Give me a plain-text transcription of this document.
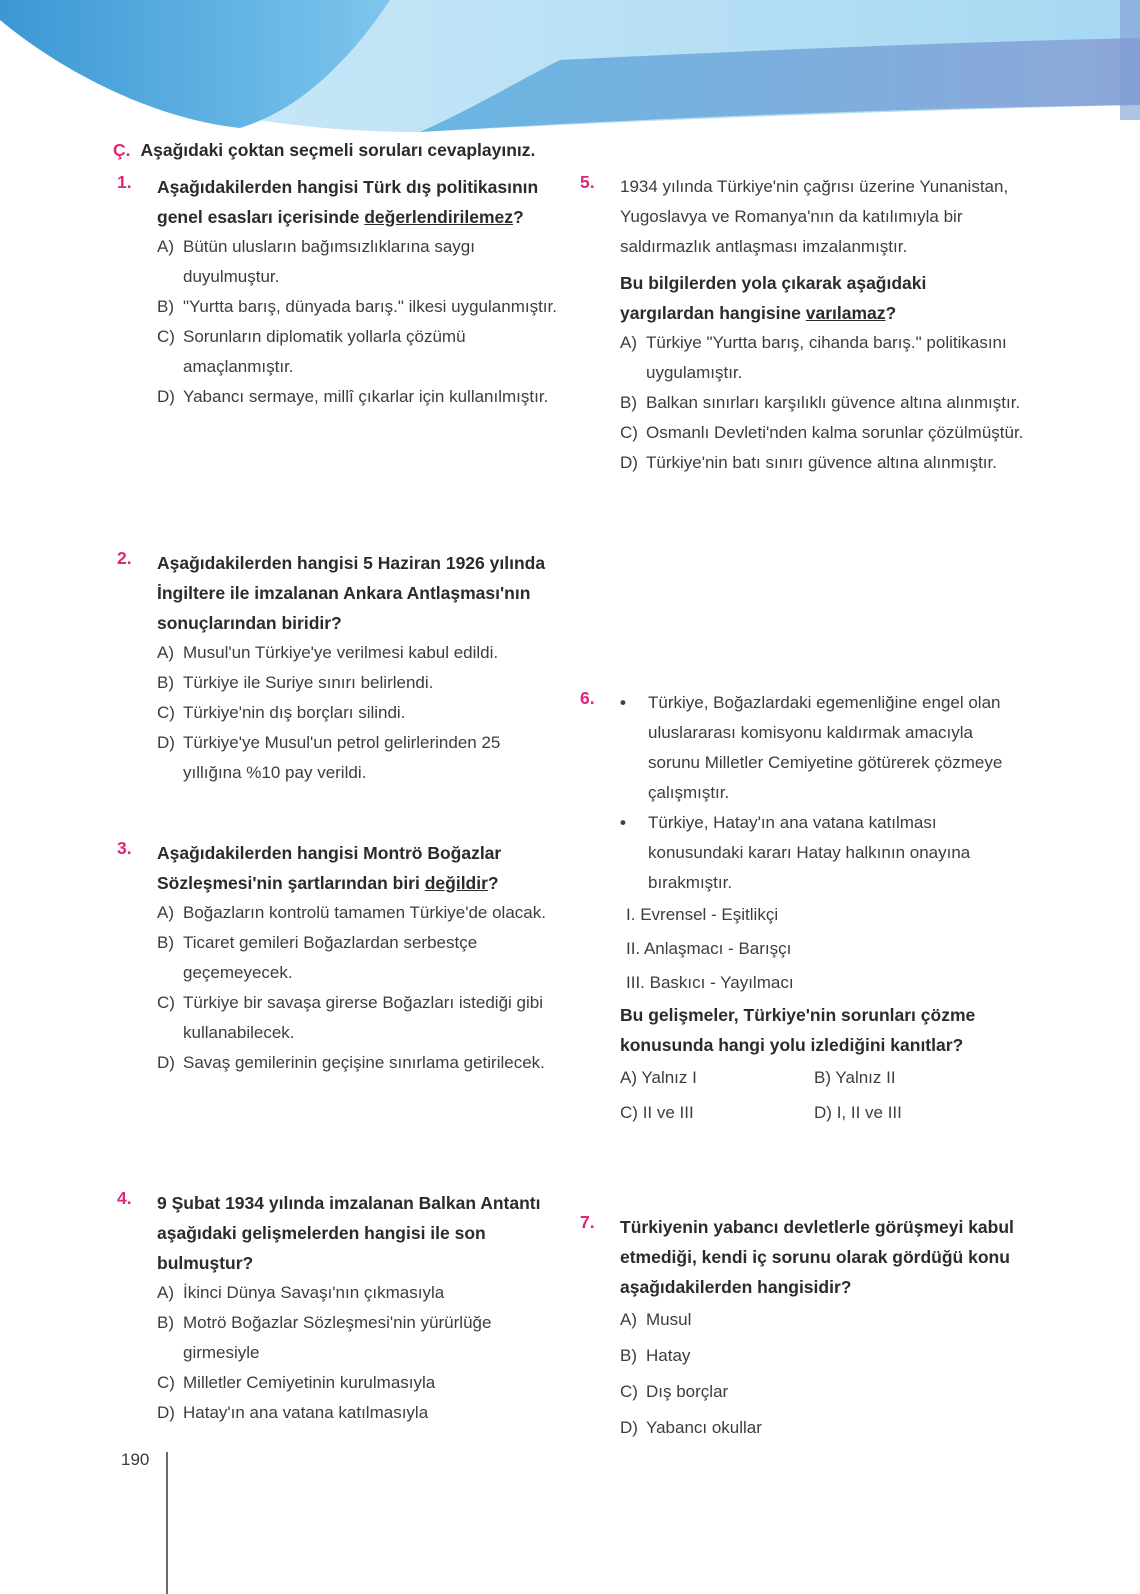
Ç. Aşağıdaki çoktan seçmeli soruları cevaplayınız.
1. Aşağıdakilerden hangisi Türk dış politikasının genel esasları içerisinde değerlendirilemez?
A) Bütün ulusların bağımsızlıklarına saygı duyulmuştur.
B) "Yurtta barış, dünyada barış." ilkesi uygulanmıştır.
C) Sorunların diplomatik yollarla çözümü amaçlanmıştır.
D) Yabancı sermaye, millî çıkarlar için kullanılmıştır.
2. Aşağıdakilerden hangisi 5 Haziran 1926 yılında İngiltere ile imzalanan Ankara Antlaşması'nın sonuçlarından biridir?
A) Musul'un Türkiye'ye verilmesi kabul edildi.
B) Türkiye ile Suriye sınırı belirlendi.
C) Türkiye'nin dış borçları silindi.
D) Türkiye'ye Musul'un petrol gelirlerinden 25 yıllığına %10 pay verildi.
3. Aşağıdakilerden hangisi Montrö Boğazlar Sözleşmesi'nin şartlarından biri değildir?
A) Boğazların kontrolü tamamen Türkiye'de olacak.
B) Ticaret gemileri Boğazlardan serbestçe geçemeyecek.
C) Türkiye bir savaşa girerse Boğazları istediği gibi kullanabilecek.
D) Savaş gemilerinin geçişine sınırlama getirilecek.
4. 9 Şubat 1934 yılında imzalanan Balkan Antantı aşağıdaki gelişmelerden hangisi ile son bulmuştur?
A) İkinci Dünya Savaşı'nın çıkmasıyla
B) Motrö Boğazlar Sözleşmesi'nin yürürlüğe girmesiyle
C) Milletler Cemiyetinin kurulmasıyla
D) Hatay'ın ana vatana katılmasıyla
5. 1934 yılında Türkiye'nin çağrısı üzerine Yunanistan, Yugoslavya ve Romanya'nın da katılımıyla bir saldırmazlık antlaşması imzalanmıştır.
Bu bilgilerden yola çıkarak aşağıdaki yargılardan hangisine varılamaz?
A) Türkiye "Yurtta barış, cihanda barış." politikasını uygulamıştır.
B) Balkan sınırları karşılıklı güvence altına alınmıştır.
C) Osmanlı Devleti'nden kalma sorunlar çözülmüştür.
D) Türkiye'nin batı sınırı güvence altına alınmıştır.
6. •	Türkiye, Boğazlardaki egemenliğine engel olan uluslararası komisyonu kaldırmak amacıyla sorunu Milletler Cemiyetine götürerek çözmeye çalışmıştır.
•	Türkiye, Hatay'ın ana vatana katılması konusundaki kararı Hatay halkının onayına bırakmıştır.
I. Evrensel - Eşitlikçi
II. Anlaşmacı - Barışçı
III. Baskıcı - Yayılmacı
Bu gelişmeler, Türkiye'nin sorunları çözme konusunda hangi yolu izlediğini kanıtlar?
A) Yalnız I	B) Yalnız II
C) II ve III	D) I, II ve III
7. Türkiyenin yabancı devletlerle görüşmeyi kabul etmediği, kendi iç sorunu olarak gördüğü konu aşağıdakilerden hangisidir?
A) Musul
B) Hatay
C) Dış borçlar
D) Yabancı okullar
190
